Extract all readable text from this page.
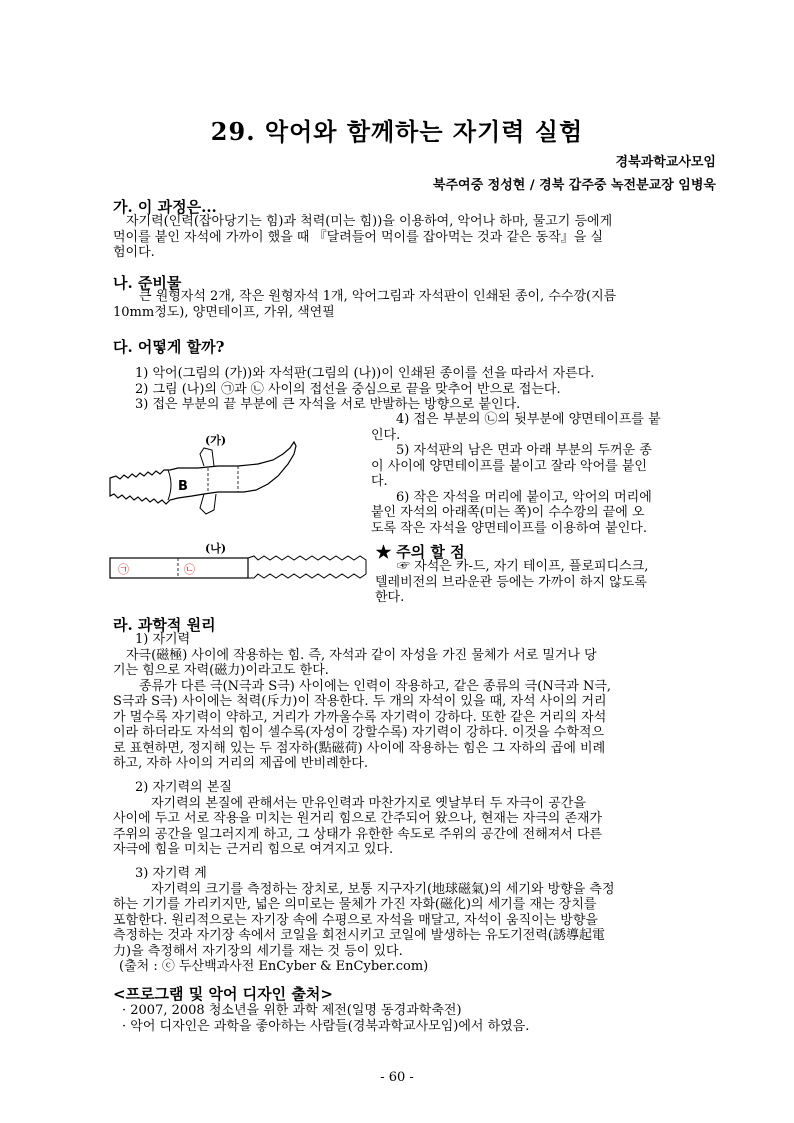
29. 악어와 함께하는 자기력 실험
경북과학교사모임
북주여중 정성현 / 경북 갑주중 녹전분교장 임병욱
가. 이 과정은...
자기력(인력(잡아당기는 힘)과 척력(미는 힘))을 이용하여, 악어나 하마, 물고기 등에게
먹이를 붙인 자석에 가까이 했을 때 『달려들어 먹이를 잡아먹는 것과 같은 동작』을 실
험이다.
나. 준비물
큰 원형자석 2개, 작은 원형자석 1개, 악어그림과 자석판이 인쇄된 종이, 수수깡(지름
10mm정도), 양면테이프, 가위, 색연필
다. 어떻게 할까?
1) 악어(그림의 (가))와 자석판(그림의 (나))이 인쇄된 종이를 선을 따라서 자른다.
2) 그림 (나)의 ㉠과 ㉡ 사이의 접선을 중심으로 끝을 맞추어 반으로 접는다.
3) 접은 부분의 끝 부분에 큰 자석을 서로 반발하는 방향으로 붙인다.
4) 접은 부분의 ㉡의 뒷부분에 양면테이프를 붙
인다.
5) 자석판의 남은 면과 아래 부분의 두꺼운 종
이 사이에 양면테이프를 붙이고 잘라 악어를 붙인
다.
6) 작은 자석을 머리에 붙이고, 악어의 머리에
붙인 자석의 아래쪽(미는 쪽)이 수수깡의 끝에 오
도록 작은 자석을 양면테이프를 이용하여 붙인다.
(가)
B
(나)
㉠	㉡
★ 주의 할 점
☞ 자석은 카-드, 자기 테이프, 플로피디스크,
텔레비전의 브라운관 등에는 가까이 하지 않도록
한다.
라. 과학적 원리
1) 자기력
자극(磁極) 사이에 작용하는 힘. 즉, 자석과 같이 자성을 가진 물체가 서로 밀거나 당
기는 힘으로 자력(磁力)이라고도 한다.
종류가 다른 극(N극과 S극) 사이에는 인력이 작용하고, 같은 종류의 극(N극과 N극,
S극과 S극) 사이에는 척력(斥力)이 작용한다. 두 개의 자석이 있을 때, 자석 사이의 거리
가 멀수록 자기력이 약하고, 거리가 가까울수록 자기력이 강하다. 또한 같은 거리의 자석
이라 하더라도 자석의 힘이 셀수록(자성이 강할수록) 자기력이 강하다. 이것을 수학적으
로 표현하면, 정지해 있는 두 점자하(點磁荷) 사이에 작용하는 힘은 그 자하의 곱에 비례
하고, 자하 사이의 거리의 제곱에 반비례한다.
2) 자기력의 본질
자기력의 본질에 관해서는 만유인력과 마찬가지로 옛날부터 두 자극이 공간을
사이에 두고 서로 작용을 미치는 원거리 힘으로 간주되어 왔으나, 현재는 자극의 존재가
주위의 공간을 일그러지게 하고, 그 상태가 유한한 속도로 주위의 공간에 전해져서 다른
자극에 힘을 미치는 근거리 힘으로 여겨지고 있다.
3) 자기력 계
자기력의 크기를 측정하는 장치로, 보통 지구자기(地球磁氣)의 세기와 방향을 측정
하는 기기를 가리키지만, 넓은 의미로는 물체가 가진 자화(磁化)의 세기를 재는 장치를
포함한다. 원리적으로는 자기장 속에 수평으로 자석을 매달고, 자석이 움직이는 방향을
측정하는 것과 자기장 속에서 코일을 회전시키고 코일에 발생하는 유도기전력(誘導起電
力)을 측정해서 자기장의 세기를 재는 것 등이 있다.
(출처 : ⓒ 두산백과사전 EnCyber & EnCyber.com)
<프로그램 및 악어 디자인 출처>
· 2007, 2008 청소년을 위한 과학 제전(일명 동경과학축전)
· 악어 디자인은 과학을 좋아하는 사람들(경북과학교사모임)에서 하였음.
- 60 -
